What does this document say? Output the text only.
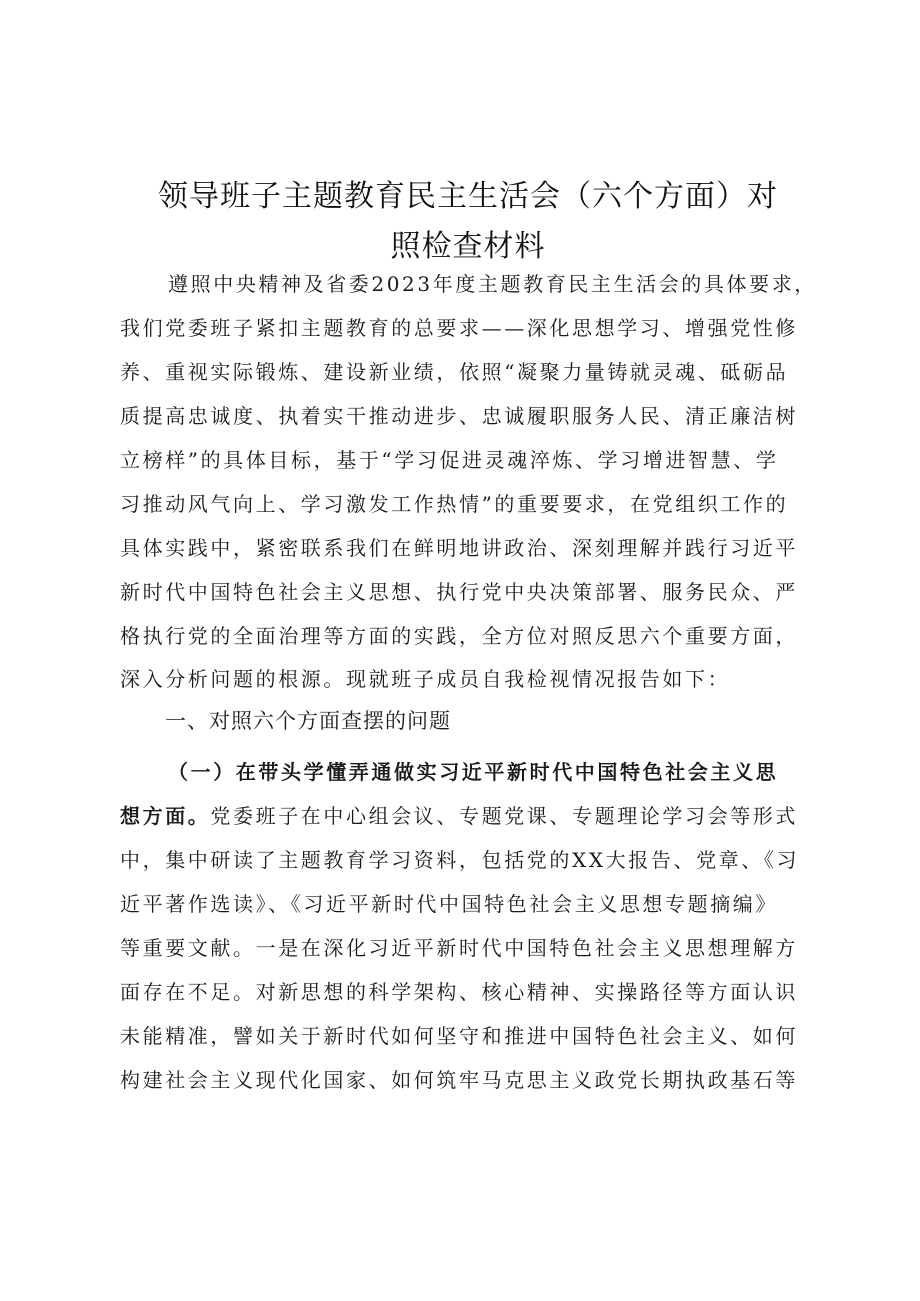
领导班子主题教育民主生活会（六个方面）对
照检查材料
遵照中央精神及省委2023年度主题教育民主生活会的具体要求，
我们党委班子紧扣主题教育的总要求——深化思想学习、增强党性修
养、重视实际锻炼、建设新业绩，依照“凝聚力量铸就灵魂、砥砺品
质提高忠诚度、执着实干推动进步、忠诚履职服务人民、清正廉洁树
立榜样”的具体目标，基于“学习促进灵魂淬炼、学习增进智慧、学
习推动风气向上、学习激发工作热情”的重要要求，在党组织工作的
具体实践中，紧密联系我们在鲜明地讲政治、深刻理解并践行习近平
新时代中国特色社会主义思想、执行党中央决策部署、服务民众、严
格执行党的全面治理等方面的实践，全方位对照反思六个重要方面，
深入分析问题的根源。现就班子成员自我检视情况报告如下：
一、对照六个方面查摆的问题
（一）在带头学懂弄通做实习近平新时代中国特色社会主义思
想方面。党委班子在中心组会议、专题党课、专题理论学习会等形式
中，集中研读了主题教育学习资料，包括党的XX大报告、党章、《习
近平著作选读》、《习近平新时代中国特色社会主义思想专题摘编》
等重要文献。一是在深化习近平新时代中国特色社会主义思想理解方
面存在不足。对新思想的科学架构、核心精神、实操路径等方面认识
未能精准，譬如关于新时代如何坚守和推进中国特色社会主义、如何
构建社会主义现代化国家、如何筑牢马克思主义政党长期执政基石等
